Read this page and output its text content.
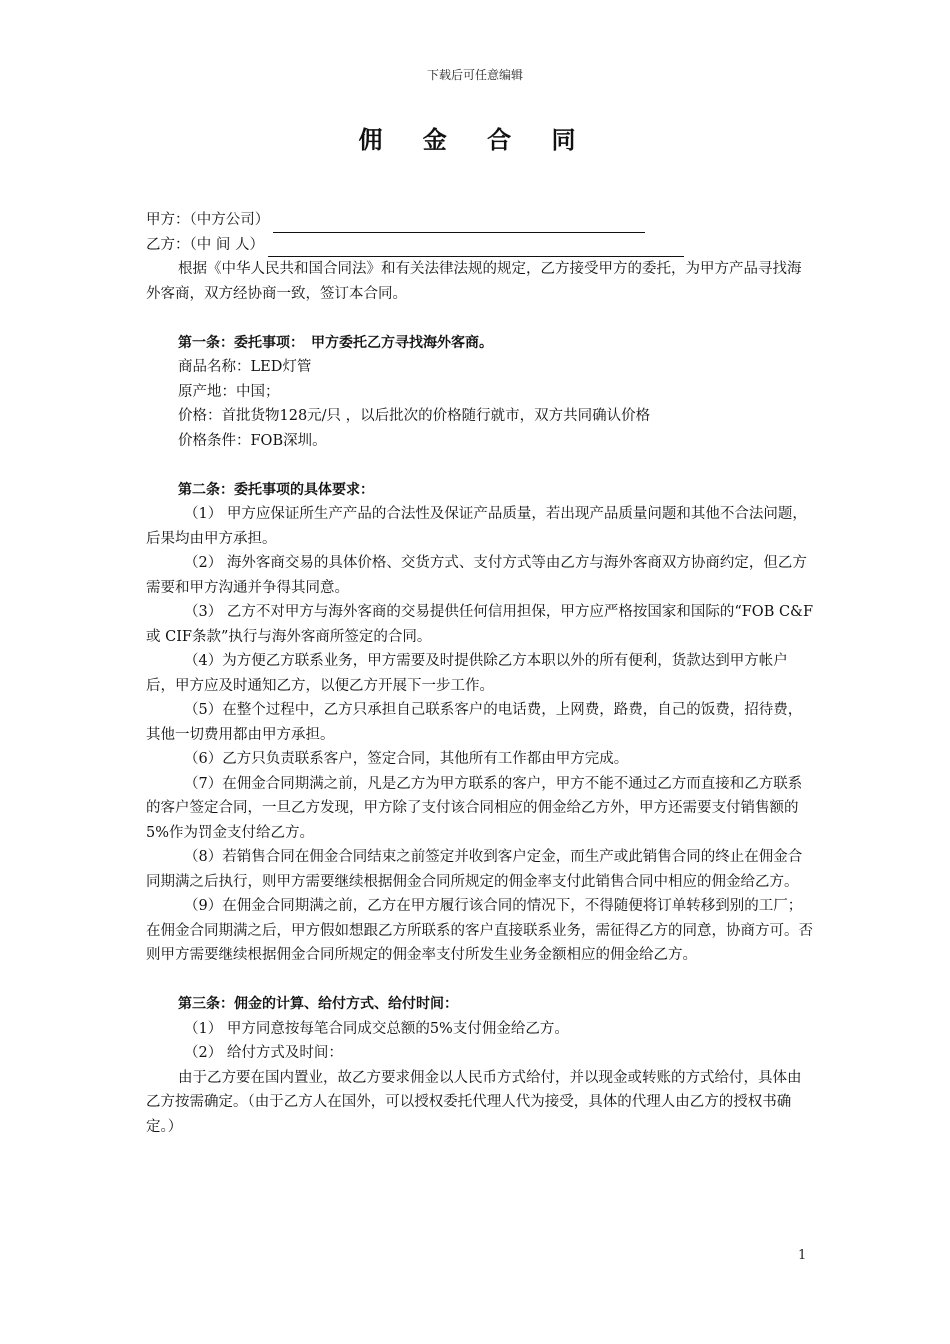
下载后可任意编辑
佣 金 合 同
甲方：（中方公司）
乙方：（中 间 人）

根据《中华人民共和国合同法》和有关法律法规的规定，乙方接受甲方的委托，为甲方产品寻找海外客商，双方经协商一致，签订本合同。

第一条：委托事项：　甲方委托乙方寻找海外客商。

商品名称：LED灯管

原产地：中国；

价格：首批货物128元/只 ，以后批次的价格随行就市，双方共同确认价格

价格条件：FOB深圳。

第二条：委托事项的具体要求：

（1） 甲方应保证所生产产品的合法性及保证产品质量，若出现产品质量问题和其他不合法问题，后果均由甲方承担。

（2） 海外客商交易的具体价格、交货方式、支付方式等由乙方与海外客商双方协商约定，但乙方需要和甲方沟通并争得其同意。

（3） 乙方不对甲方与海外客商的交易提供任何信用担保，甲方应严格按国家和国际的“FOB C&F或 CIF条款”执行与海外客商所签定的合同。

（4）为方便乙方联系业务，甲方需要及时提供除乙方本职以外的所有便利，货款达到甲方帐户后，甲方应及时通知乙方，以便乙方开展下一步工作。

（5）在整个过程中，乙方只承担自己联系客户的电话费，上网费，路费，自己的饭费，招待费，其他一切费用都由甲方承担。

（6）乙方只负责联系客户，签定合同，其他所有工作都由甲方完成。

（7）在佣金合同期满之前，凡是乙方为甲方联系的客户，甲方不能不通过乙方而直接和乙方联系的客户签定合同，一旦乙方发现，甲方除了支付该合同相应的佣金给乙方外，甲方还需要支付销售额的5%作为罚金支付给乙方。

（8）若销售合同在佣金合同结束之前签定并收到客户定金，而生产或此销售合同的终止在佣金合同期满之后执行，则甲方需要继续根据佣金合同所规定的佣金率支付此销售合同中相应的佣金给乙方。

（9）在佣金合同期满之前，乙方在甲方履行该合同的情况下，不得随便将订单转移到别的工厂；在佣金合同期满之后，甲方假如想跟乙方所联系的客户直接联系业务，需征得乙方的同意，协商方可。否则甲方需要继续根据佣金合同所规定的佣金率支付所发生业务金额相应的佣金给乙方。

第三条：佣金的计算、给付方式、给付时间：

（1） 甲方同意按每笔合同成交总额的5%支付佣金给乙方。

（2） 给付方式及时间：

由于乙方要在国内置业，故乙方要求佣金以人民币方式给付，并以现金或转账的方式给付，具体由乙方按需确定。（由于乙方人在国外，可以授权委托代理人代为接受，具体的代理人由乙方的授权书确定。）

1
